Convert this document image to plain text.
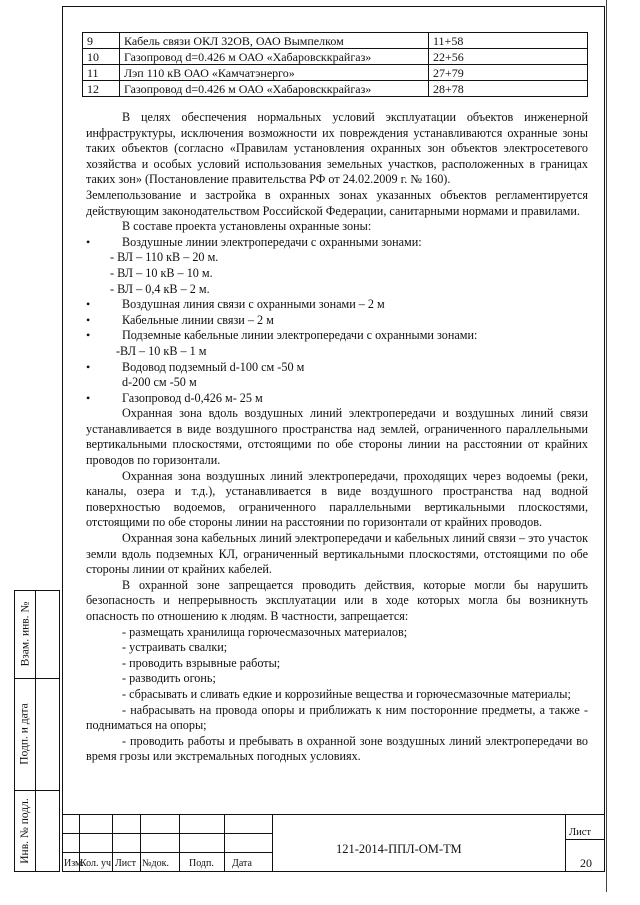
9	Кабель связи ОКЛ 32ОВ, ОАО Вымпелком	11+58
10	Газопровод d=0.426 м ОАО «Хабаровсккрайгаз»	22+56
11	Лэп 110 кВ ОАО «Камчатэнерго»	27+79
12	Газопровод d=0.426 м ОАО «Хабаровсккрайгаз»	28+78

В целях обеспечения нормальных условий эксплуатации объектов инженерной инфраструктуры, исключения возможности их повреждения устанавливаются охранные зоны таких объектов (согласно «Правилам установления охранных зон объектов электросетевого хозяйства и особых условий использования земельных участков, расположенных в границах таких зон» (Постановление правительства РФ от 24.02.2009 г. № 160).

Землепользование и застройка в охранных зонах указанных объектов регламентируется действующим законодательством Российской Федерации, санитарными нормами и правилами.

В составе проекта установлены охранные зоны:

• Воздушные линии электропередачи с охранными зонами:

- ВЛ – 110 кВ – 20 м.

- ВЛ – 10 кВ – 10 м.

- ВЛ – 0,4 кВ – 2 м.

• Воздушная линия связи с охранными зонами – 2 м

• Кабельные линии связи – 2 м

• Подземные кабельные линии электропередачи с охранными зонами:

-ВЛ – 10 кВ – 1 м

• Водовод подземный d-100 см -50 м

d-200 см -50 м

• Газопровод d-0,426 м- 25 м

Охранная зона вдоль воздушных линий электропередачи и воздушных линий связи устанавливается в виде воздушного пространства над землей, ограниченного параллельными вертикальными плоскостями, отстоящими по обе стороны линии на расстоянии от крайних проводов по горизонтали.

Охранная зона воздушных линий электропередачи, проходящих через водоемы (реки, каналы, озера и т.д.), устанавливается в виде воздушного пространства над водной поверхностью водоемов, ограниченного параллельными вертикальными плоскостями, отстоящими по обе стороны линии на расстоянии по горизонтали от крайних проводов.

Охранная зона кабельных линий электропередачи и кабельных линий связи – это участок земли вдоль подземных КЛ, ограниченный вертикальными плоскостями, отстоящими по обе стороны линии от крайних кабелей.

В охранной зоне запрещается проводить действия, которые могли бы нарушить безопасность и непрерывность эксплуатации или в ходе которых могла бы возникнуть опасность по отношению к людям. В частности, запрещается:

- размещать хранилища горючесмазочных материалов;

- устраивать свалки;

- проводить взрывные работы;

- разводить огонь;

- сбрасывать и сливать едкие и коррозийные вещества и горючесмазочные материалы;

- набрасывать на провода опоры и приближать к ним посторонние предметы, а также - подниматься на опоры;

- проводить работы и пребывать в охранной зоне воздушных линий электропередачи во время грозы или экстремальных погодных условиях.

Взам. инв. №
Подп. и дата
Инв. № подл.	Изм.
Кол. уч Лист №док. Подп. Дата
121-2014-ППЛ-ОМ-ТМ
Лист
20
